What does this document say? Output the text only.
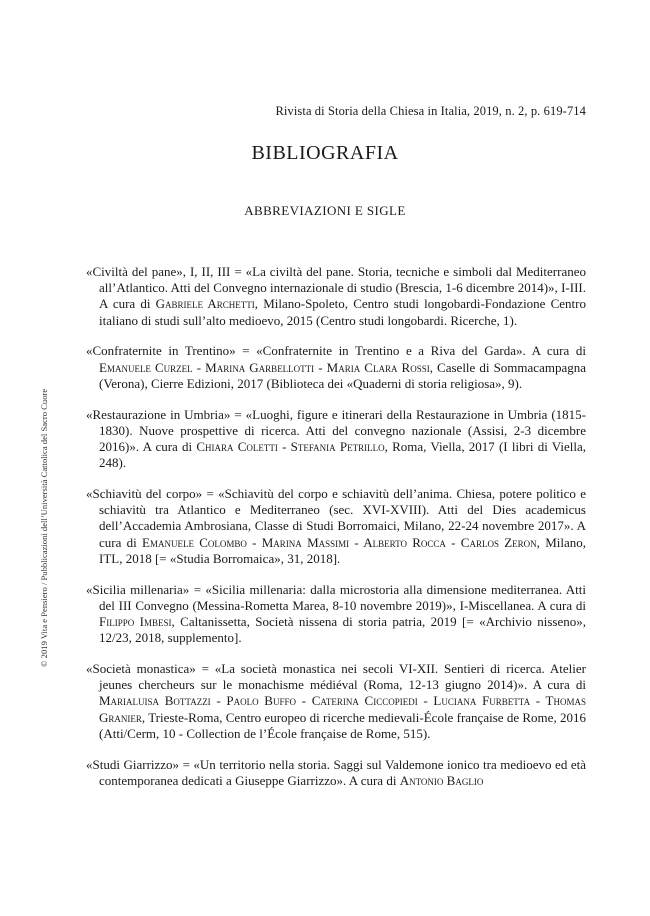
Rivista di Storia della Chiesa in Italia, 2019, n. 2, p. 619-714
BIBLIOGRAFIA
ABBREVIAZIONI E SIGLE

«Civiltà del pane», I, II, III = «La civiltà del pane. Storia, tecniche e simboli dal Mediterraneo all’Atlantico. Atti del Convegno internazionale di studio (Brescia, 1-6 dicembre 2014)», I-III. A cura di Gabriele Archetti, Milano-Spoleto, Centro studi longobardi-Fondazione Centro italiano di studi sull’alto medioevo, 2015 (Centro studi longobardi. Ricerche, 1).

«Confraternite in Trentino» = «Confraternite in Trentino e a Riva del Garda». A cura di Emanuele Curzel - Marina Garbellotti - Maria Clara Rossi, Caselle di Sommacampagna (Verona), Cierre Edizioni, 2017 (Biblioteca dei «Quaderni di storia religiosa», 9).

«Restaurazione in Umbria» = «Luoghi, figure e itinerari della Restaurazione in Umbria (1815- 1830). Nuove prospettive di ricerca. Atti del convegno nazionale (Assisi, 2-3 dicembre 2016)». A cura di Chiara Coletti - Stefania Petrillo, Roma, Viella, 2017 (I libri di Viella, 248).

«Schiavitù del corpo» = «Schiavitù del corpo e schiavitù dell’anima. Chiesa, potere politico e schiavitù tra Atlantico e Mediterraneo (sec. XVI-XVIII). Atti del Dies academicus dell’Accademia Ambrosiana, Classe di Studi Borromaici, Milano, 22-24 novembre 2017». A cura di Emanuele Colombo - Marina Massimi - Alberto Rocca - Carlos Zeron, Milano, ITL, 2018 [= «Studia Borromaica», 31, 2018].

«Sicilia millenaria» = «Sicilia millenaria: dalla microstoria alla dimensione mediterranea. Atti del III Convegno (Messina-Rometta Marea, 8-10 novembre 2019)», I-Miscellanea. A cura di Filippo Imbesi, Caltanissetta, Società nissena di storia patria, 2019 [= «Archivio nisseno», 12/23, 2018, supplemento].

«Società monastica» = «La società monastica nei secoli VI-XII. Sentieri di ricerca. Atelier jeunes chercheurs sur le monachisme médiéval (Roma, 12-13 giugno 2014)». A cura di Marialuisa Bottazzi - Paolo Buffo - Caterina Ciccopiedi - Luciana Furbetta - Thomas Granier, Trieste-Roma, Centro europeo di ricerche medievali-École française de Rome, 2016 (Atti/Cerm, 10 - Collection de l’École française de Rome, 515).

«Studi Giarrizzo» = «Un territorio nella storia. Saggi sul Valdemone ionico tra medioevo ed età contemporanea dedicati a Giuseppe Giarrizzo». A cura di Antonio Baglio

© 2019 Vita e Pensiero / Pubblicazioni dell’Università Cattolica del Sacro Cuore
